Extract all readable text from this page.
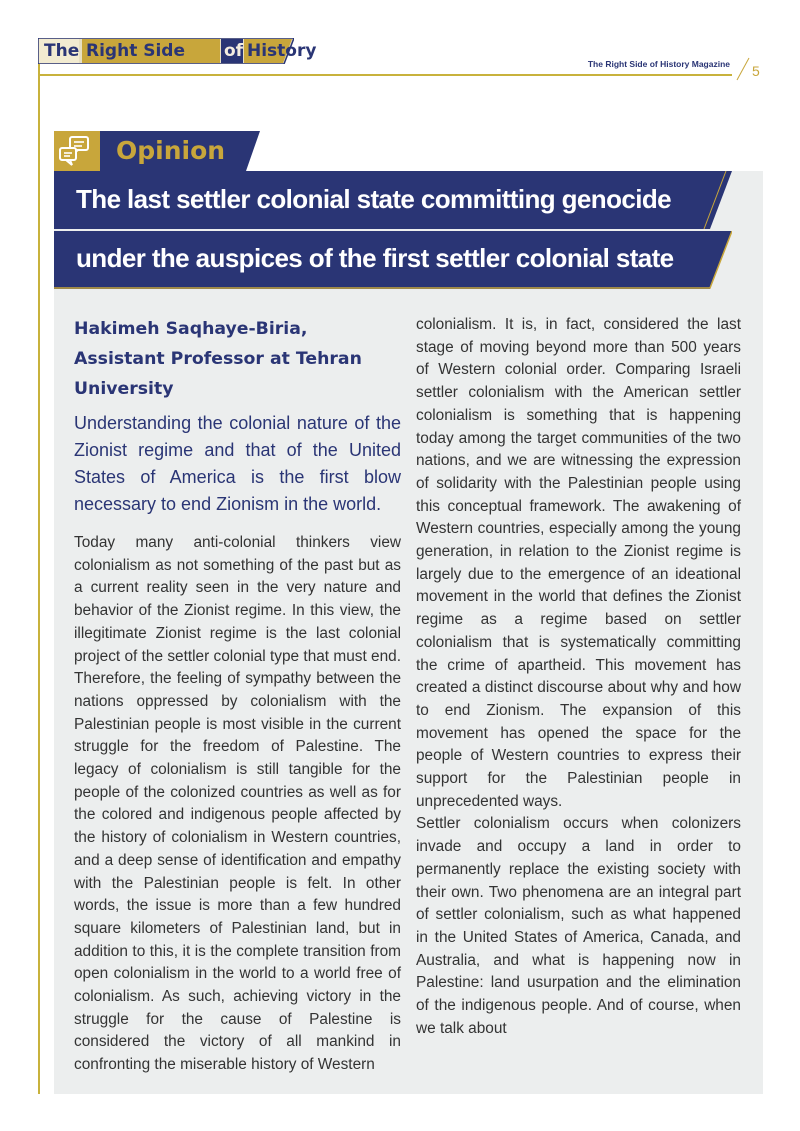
The Right Side of History
The Right Side of History Magazine 5
Opinion
The last settler colonial state committing genocide
under the auspices of the first settler colonial state
Hakimeh Saqhaye-Biria, Assistant Professor at Tehran University
Understanding the colonial nature of the Zionist regime and that of the United States of America is the first blow necessary to end Zionism in the world.

Today many anti-colonial thinkers view colonialism as not something of the past but as a current reality seen in the very nature and behavior of the Zionist regime. In this view, the illegitimate Zionist regime is the last colonial project of the settler colonial type that must end. Therefore, the feeling of sympathy between the nations oppressed by colonialism with the Palestinian people is most visible in the current struggle for the freedom of Palestine. The legacy of colonialism is still tangible for the people of the colonized countries as well as for the colored and indigenous people affected by the history of colonialism in Western countries, and a deep sense of identification and empathy with the Palestinian people is felt. In other words, the issue is more than a few hundred square kilometers of Palestinian land, but in addition to this, it is the complete transition from open colonialism in the world to a world free of colonialism. As such, achieving victory in the struggle for the cause of Palestine is considered the victory of all mankind in confronting the miserable history of Western

colonialism. It is, in fact, considered the last stage of moving beyond more than 500 years of Western colonial order. Comparing Israeli settler colonialism with the American settler colonialism is something that is happening today among the target communities of the two nations, and we are witnessing the expression of solidarity with the Palestinian people using this conceptual framework. The awakening of Western countries, especially among the young generation, in relation to the Zionist regime is largely due to the emergence of an ideational movement in the world that defines the Zionist regime as a regime based on settler colonialism that is systematically committing the crime of apartheid. This movement has created a distinct discourse about why and how to end Zionism. The expansion of this movement has opened the space for the people of Western countries to express their support for the Palestinian people in unprecedented ways.

Settler colonialism occurs when colonizers invade and occupy a land in order to permanently replace the existing society with their own. Two phenomena are an integral part of settler colonialism, such as what happened in the United States of America, Canada, and Australia, and what is happening now in Palestine: land usurpation and the elimination of the indigenous people. And of course, when we talk about
